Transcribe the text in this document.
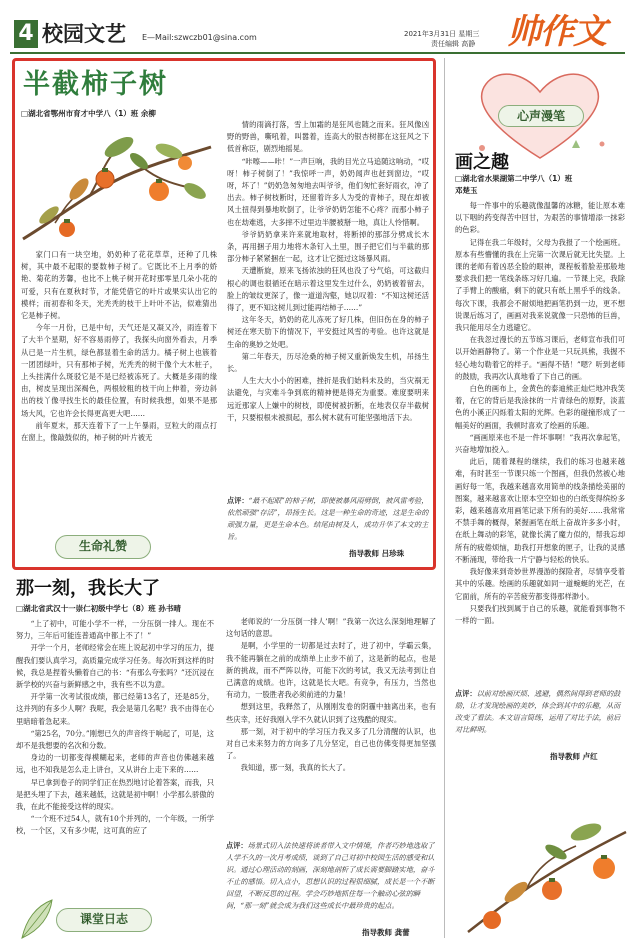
4 校园文艺 E—Mail:szwczb01@sina.com	2021年3月31日 星期三
责任编辑 高静 帅作文
半截柿子树
□湖北省鄂州市育才中学八（1）班 余柳

家门口有一块空地，奶奶种了花花草草，还种了几株树，其中最不起眼的要数柿子树了。它既比不上月季的娇艳、菊花的芳馨，也比不上桃子树开花时那零星几朵小花的可爱，只有在夏秋时节，才能凭借它的叶片或果实认出它的模样；而初春和冬天，光秃秃的枝干上叶叶不沾，似难猜出它是柿子树。

今年一月份，已是中旬，天气还是又凝又冷，雨连着下了大半个星期，好不容易雨停了，我探头向窗外看去，月季从已是一片生机，绿色都显着生命的活力。橘子树上也簇着一团团绿叶，只有那柿子树，光秃秃的树干像个大木桩子，上头挂满什么斑驳它是不是已经被冻死了。大概是多雨的缘由，树皮呈现出深褐色，两根较粗的枝干向上伸着，旁边斜出的枝丫像寻找生长的最佳位置，有时候我想，如果不是那场大风，它也许会长得更高更大吧……

前年夏末，那天连着下了一上午暴雨，豆粒大的雨点打在窗上，像敲鼓似的，柿子树的叶片被无

生命礼赞

情的雨滴打落，雪上加霜的是狂风也随之而来。狂风像凶野的野兽，嘶吼着，叫嚣着，连高大的银杏树都在这狂风之下低首称臣，剧烈地摇晃。

“咔嚓——咔！”一声巨响，我的目光立马追随这响动，“哎呀！柿子树倒了！”我惊呼一声，奶奶闻声也赶到窗边，“哎呀，坏了！”奶奶急匆匆地去叫爷爷，他们匆忙套好雨衣，冲了出去。柿子树枝断时，还留着许多人为受的青柿子，现在却被风土扭得到暴地吹倒了，让爷爷奶奶怎能不心疼？而那小柿子也在劫难逃，大多摔不过里边半腰被掰一地，真让人怜惜啊。

爷爷奶奶拿来许来就地取材，将断掉的那部分劈成长木条，再用捆子用力地将木条钉入土里，围子把它们与半截的那部分柿子紧紧捆在一起，这才让它挺过这场暴风雨。

天遭断旋，原来飞扬浓浊的狂风也没了兮气焰，可这截归根心的调也很循还在暗示着这里发生过什么，奶奶被着留去，脸上的皱纹更深了，像一道道沟壑，她以叹着：“不知这树还活得了，更不知这树儿到过能再结柿子……”

这年冬天，奶奶的花儿冻死了好几株，但旧伤在身的柿子树还在寒天肋下的情况下，平安挺过风雪的考验。也许这就是生命的奥妙之处吧。

第二年春天，历尽沧桑的柿子树又重新焕发生机，吊扬生长。

人生大大小小的困难，挫折是我们始料未及的，当灾祸无法避免，与灾难斗争到底的精神便是得充为重要。难度要明来远近那家人上嫌中的树枝，即使树被折断，在地表仅存半截树干，只要根根未被损起，那么树木就有可能坚强地活下去。

点评：“最不起眼”的柿子树，即使被暴风雨劈倒，被风雷考验，依然顽强“存活”，昂扬生长。这是一种生命的奇迹，这是生命的顽强力量，更是生命本色。结尾由树及人，成功升华了本文的主旨。
指导教师 吕珍珠
心声漫笔
画之趣
□湖北省水果湖第二中学八（1）班
邓楚玉

每一件事中的乐趣就像温馨的冰糖，能让原本难以下咽的药变得苦中回甘，为艰苦的事情增添一抹彩的色彩。

记得在我二年级时，父母为我报了一个绘画班。原本有些懵懂的我在上完第一次课后就无比失望。上课的老师有着凶恶全脸的眼神，课程板着脸差那般地要求我们把一笔线条练习好几遍。一节课上完，我除了手臂上的酸痛，剩下的就只有纸上黑乎乎的线条。每次下课，我都会不耐烦地把画笔扔到一边，更不想说课后练习了，画画对我来说就像一只恐怖的巨兽，我只能用尽全力逃避它。

在我忽过漫长的五节练习课后，老师宣布我们可以开始画静物了。第一个作业是一只玩具熊，我握不轻心地勾勒着它的样子。“画得不错！”嗯？听到老师的鼓励，我再次认真地看了下自己的画。

白色的画布上，金黄色的泰迪熊正灿烂地冲我笑着，在它的背后是我涂抹的一片青绿色的原野，淡蓝色的小溪正闪烁着太阳的光辉。色彩的碰撞形成了一幅美好的画面，我顿时喜欢了绘画的乐趣。

“画画原来也不是一件坏事啊！”我再次拿起笔，兴奋地增加投入。

此后，随着课程的继续，我们的练习也越来越难，有时甚至一节课只练一个图画，但我仍然被心地画好每一笔，我越来越喜欢用简单的线条描绘美丽的图案，越来越喜欢让原本空空如也的白纸变得缤纷多彩，越来越喜欢用画笔记录下所有的美好……我常常不禁手舞的概得，紧握画笔在纸上奋战许多多小时，在纸上舞动的彩笔，就像长满了魔力似的，帮我忘却所有的疲倦烦恼，助我打开想象的匣子，让我的灵感不断涌现，带给我一片宁静与轻松的快乐。

我好像来到奇妙世界漫游的探险者，尽情享受着其中的乐趣。绘画的乐趣就如同一道蜿蜒的光芒，在它面前，所有的辛苦疲劳都变得那样渺小。

只要我们找到属于自己的乐趣，就能看到事物不一样的一面。

点评：以前对绘画厌烦、逃避，偶然间得到老师的鼓励，让才发现绘画的美妙，体会到其中的乐趣，从而改变了看法。本文语言简练，运用了对比手法，前后对比鲜明。
指导教师 卢红
那一刻，我长大了
□湖北省武汉十一崇仁初级中学七（8）班 孙书晴

“上了初中，可能小学不一样，一分压倒一排人。现在不努力，三年后可能连普通高中都上不了！”

开学一个月，老师经常会在班上说起初中学习的压力，提醒我们要认真学习，高质量完成学习任务。每次听到这样的时候，我总是捏着头懒着自己的书：“有那么夸张吗？”还沉浸在新学校的兴奋与新鲜感之中，我有些不以为意。

开学第一次考试很成绩，都已经第13名了，还是85分，这并列的有多少人啊？我呢，我会是第几名呢？我不由得在心里暗暗着急起来。

“第25名，70分。”刚想已久的声音终于响起了，可是，这却不是我想要的名次和分数。

身边的一切都变得模糊起来，老师的声音也仿佛越来越远，也不知我是怎么走上讲台，又从讲台上走下来的……

早已拿到卷子的同学们正在热烈地讨论着答案，而我，只是把头埋了下去，越来越低，这就是初中啊！小学那么骄傲的我，在此不能接受这样的现实。

“一个班不过54人，就有10个并列的，一个年级，一所学校，一个区，又有多少呢，这可真的应了

课堂日志

老师说的‘一分压倒一排人’啊！”我第一次这么深刻地理解了这句话的意思。

是啊，小学里的一切都是过去时了，进了初中，学霸云集，我不能再躺在之前的成绩单上止步不前了，这是新的起点，也是新的挑战，而不严阵以待，可能下次的考试，我又无法考到让自己满意的成绩。也许，这就是长大吧。有竞争，有压力，当然也有动力，一股胜者我必须前进的力量！

想到这里，我释然了，从刚刚发卷的阴霾中抽离出来，也有些庆幸，还好我刚入学不久就认识到了这残酷的现实。

那一刻，对于初中的学习压力我又多了几分清醒的认识，也对自己未来努力的方向多了几分坚定，自己也仿佛变得更加坚强了。

我知道，那一刻，我真的长大了。

点评：场景式切入法快速将读者带入文中情境，作者巧妙地选取了人学不久的一次月考成绩，谈到了自己对初中校园生活的感受和认识。通过心理活动的刻画，深刻地剖析了成长需要脚踏实地，奋斗不止的感悟。切入点小，思想认识的过程很细腻，成长是一个不断回望，不断反思的过程。学会巧妙地抓住每一个触动心弦的瞬间，“那一刻”就会成为我们这些成长中最珍贵的起点。
指导教师 龚蕾
